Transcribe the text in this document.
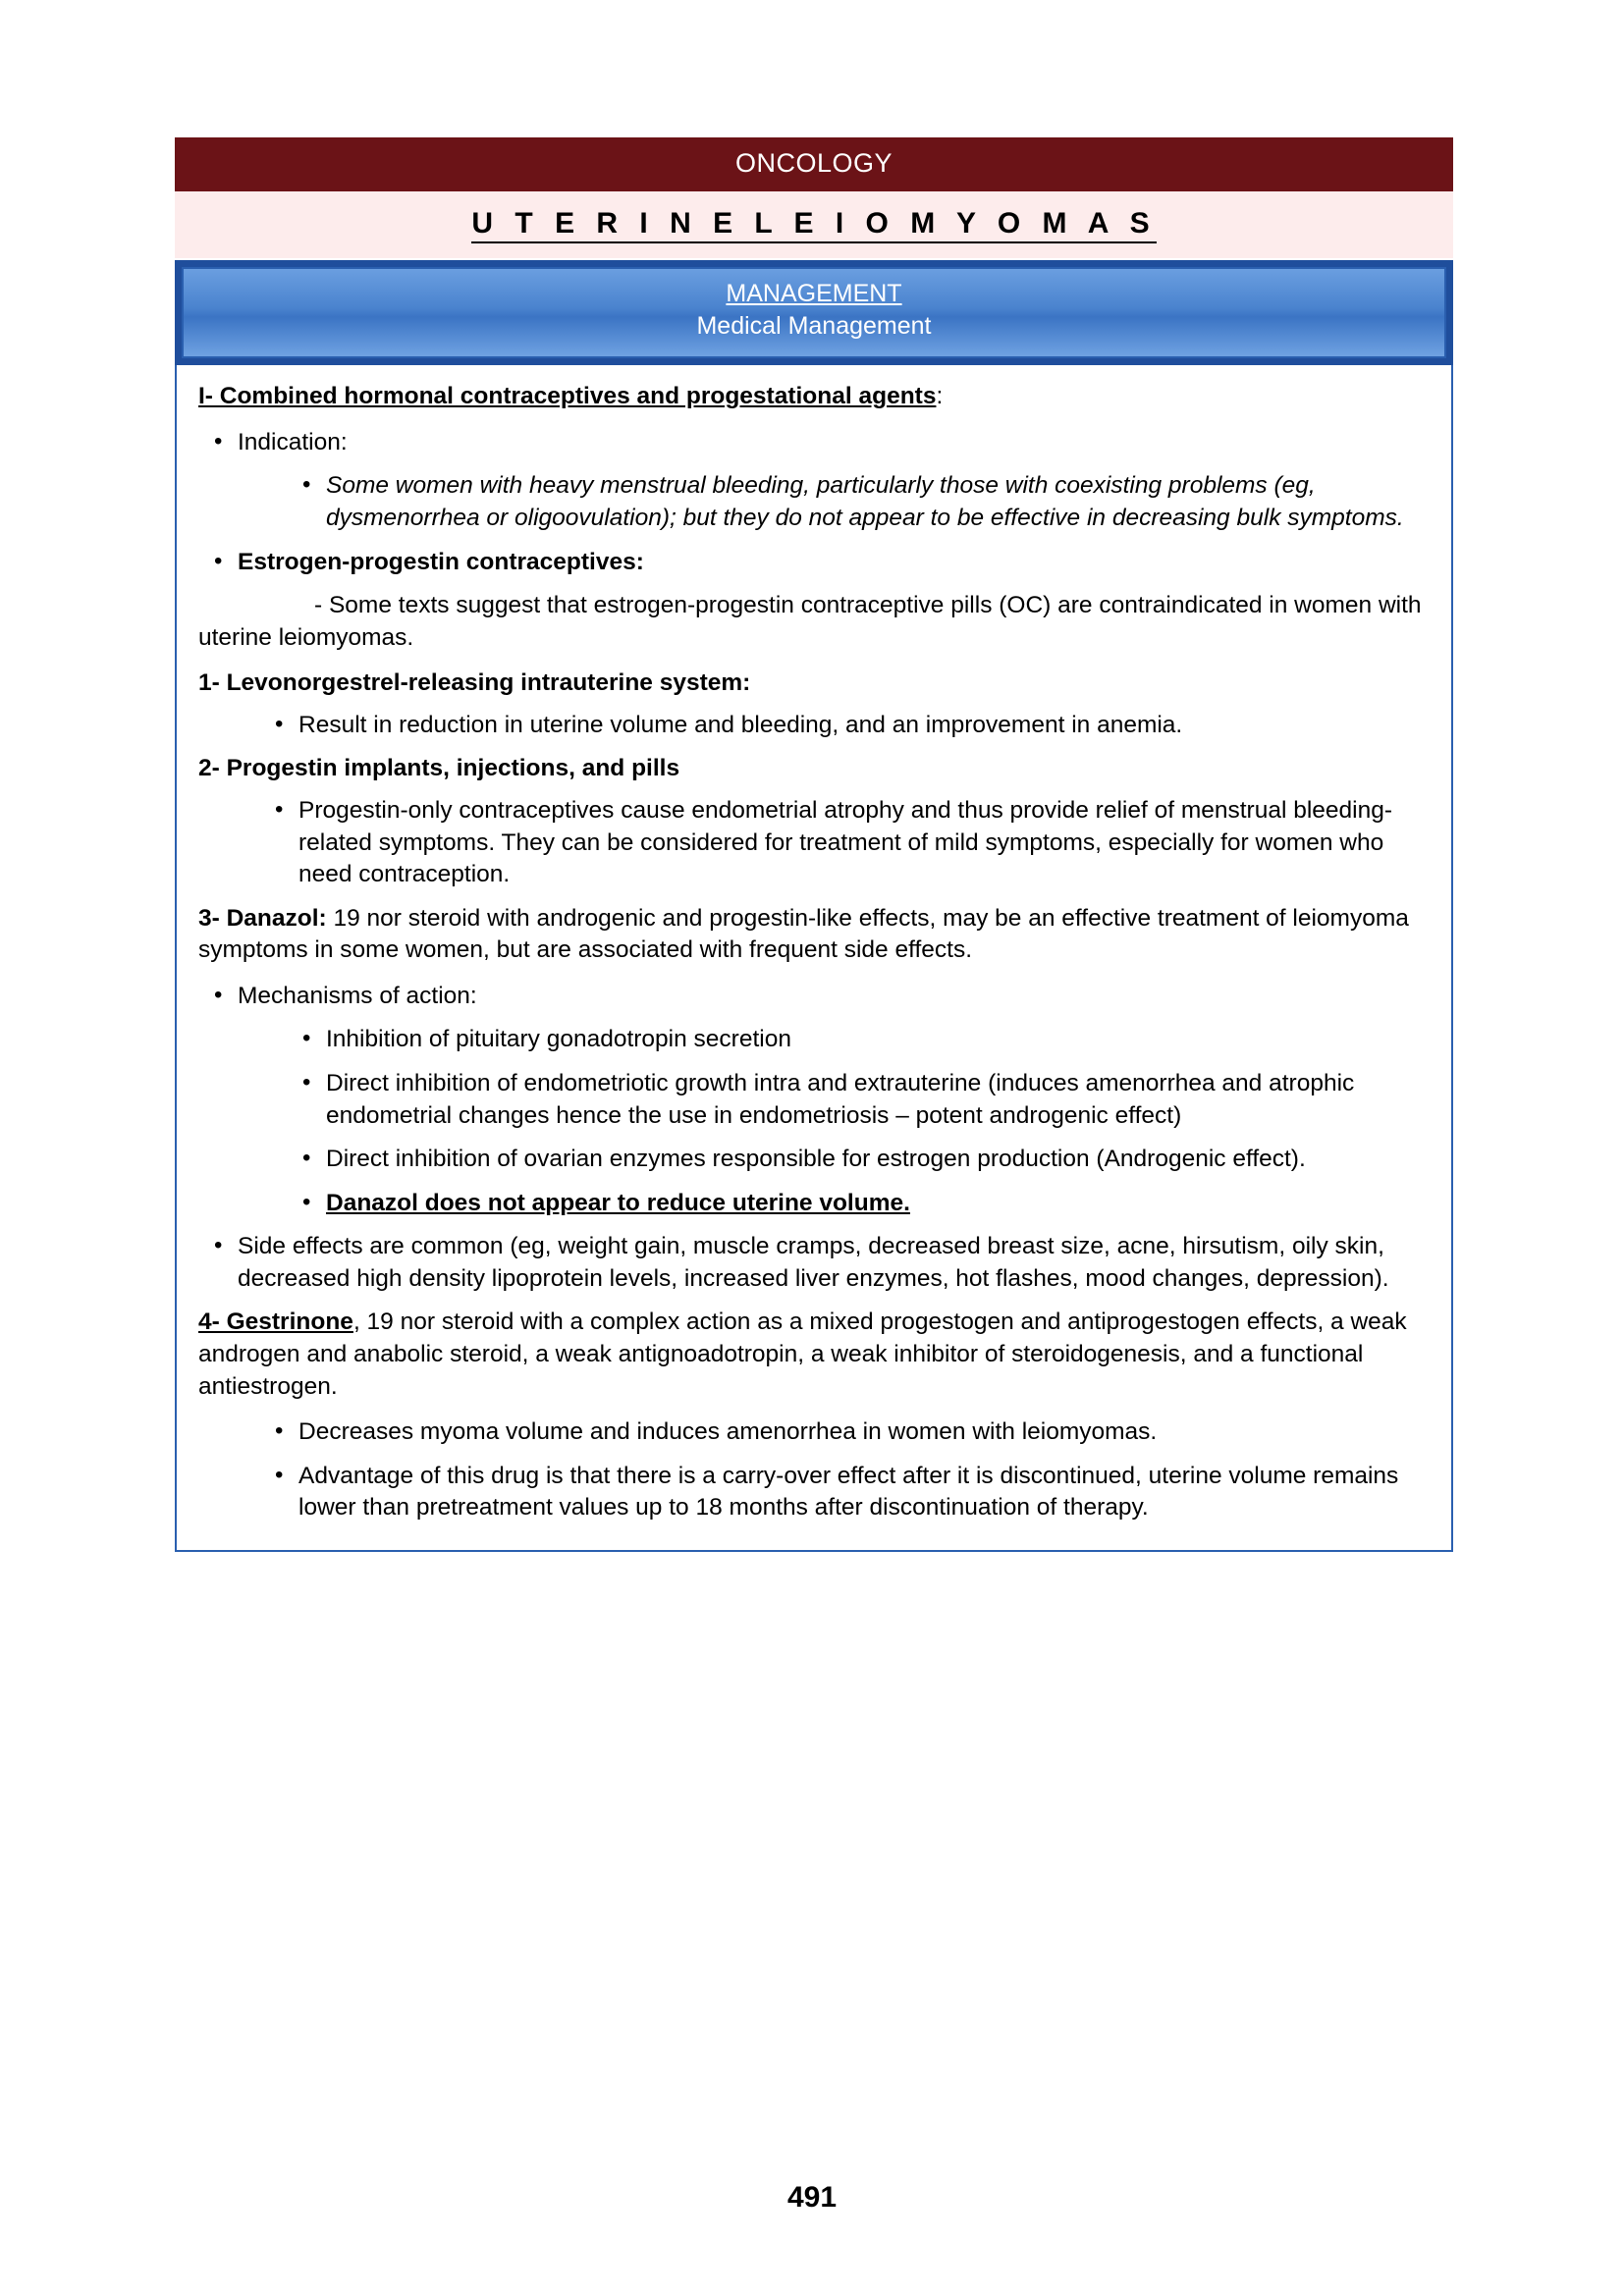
ONCOLOGY
U T E R I N E L E I O M Y O M A S
MANAGEMENT
Medical Management

I- Combined hormonal contraceptives and progestational agents:

• Indication:
• Some women with heavy menstrual bleeding, particularly those with coexisting problems (eg, dysmenorrhea or oligoovulation); but they do not appear to be effective in decreasing bulk symptoms.
• Estrogen-progestin contraceptives:

- Some texts suggest that estrogen-progestin contraceptive pills (OC) are contraindicated in women with uterine leiomyomas.

1- Levonorgestrel-releasing intrauterine system:

• Result in reduction in uterine volume and bleeding, and an improvement in anemia.

2- Progestin implants, injections, and pills

• Progestin-only contraceptives cause endometrial atrophy and thus provide relief of menstrual bleeding-related symptoms. They can be considered for treatment of mild symptoms, especially for women who need contraception.

3- Danazol: 19 nor steroid with androgenic and progestin-like effects, may be an effective treatment of leiomyoma symptoms in some women, but are associated with frequent side effects.

• Mechanisms of action:
• Inhibition of pituitary gonadotropin secretion
• Direct inhibition of endometriotic growth intra and extrauterine (induces amenorrhea and atrophic endometrial changes hence the use in endometriosis – potent androgenic effect)
• Direct inhibition of ovarian enzymes responsible for estrogen production (Androgenic effect).
• Danazol does not appear to reduce uterine volume.
• Side effects are common (eg, weight gain, muscle cramps, decreased breast size, acne, hirsutism, oily skin, decreased high density lipoprotein levels, increased liver enzymes, hot flashes, mood changes, depression).

4- Gestrinone, 19 nor steroid with a complex action as a mixed progestogen and antiprogestogen effects, a weak androgen and anabolic steroid, a weak antignoadotropin, a weak inhibitor of steroidogenesis, and a functional antiestrogen.

• Decreases myoma volume and induces amenorrhea in women with leiomyomas.
• Advantage of this drug is that there is a carry-over effect after it is discontinued, uterine volume remains lower than pretreatment values up to 18 months after discontinuation of therapy.
491
